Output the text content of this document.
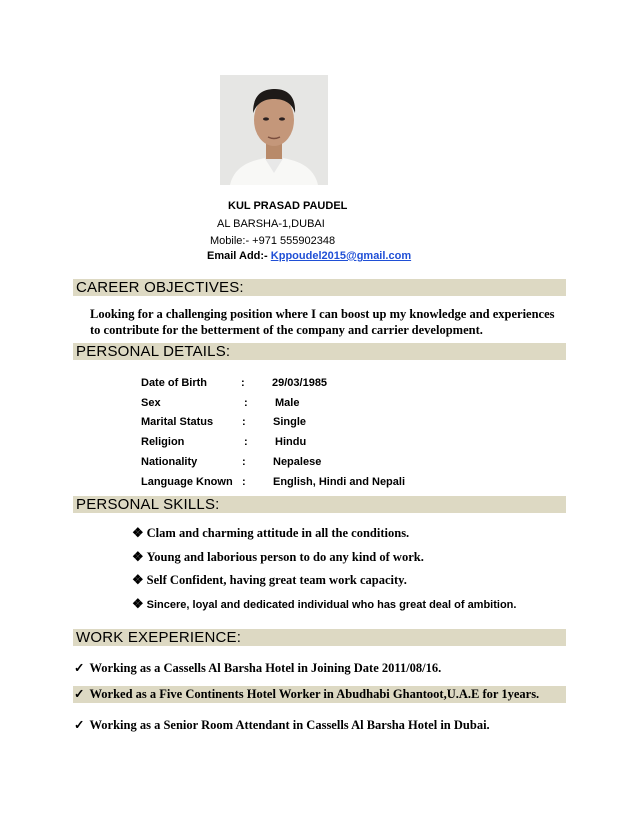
KUL PRASAD PAUDEL
AL BARSHA-1,DUBAI
Mobile:- +971 555902348
Email Add:- Kppoudel2015@gmail.com
CAREER OBJECTIVES:
Looking for a challenging position where I can boost up my knowledge and experiences
to contribute for the betterment of the company and carrier development.
PERSONAL DETAILS:
Date of Birth	: 29/03/1985
Sex	: Male
Marital Status	: Single
Religion	: Hindu
Nationality	: Nepalese
Language Known : English, Hindi and Nepali
PERSONAL SKILLS:
❖ Clam and charming attitude in all the conditions.
❖ Young and laborious person to do any kind of work.
❖ Self Confident, having great team work capacity.
❖ Sincere, loyal and dedicated individual who has great deal of ambition.
WORK EXEPERIENCE:
✓ Working as a Cassells Al Barsha Hotel in Joining Date 2011/08/16.
✓ Worked as a Five Continents Hotel Worker in Abudhabi Ghantoot,U.A.E for 1years.
✓ Working as a Senior Room Attendant in Cassells Al Barsha Hotel in Dubai.
